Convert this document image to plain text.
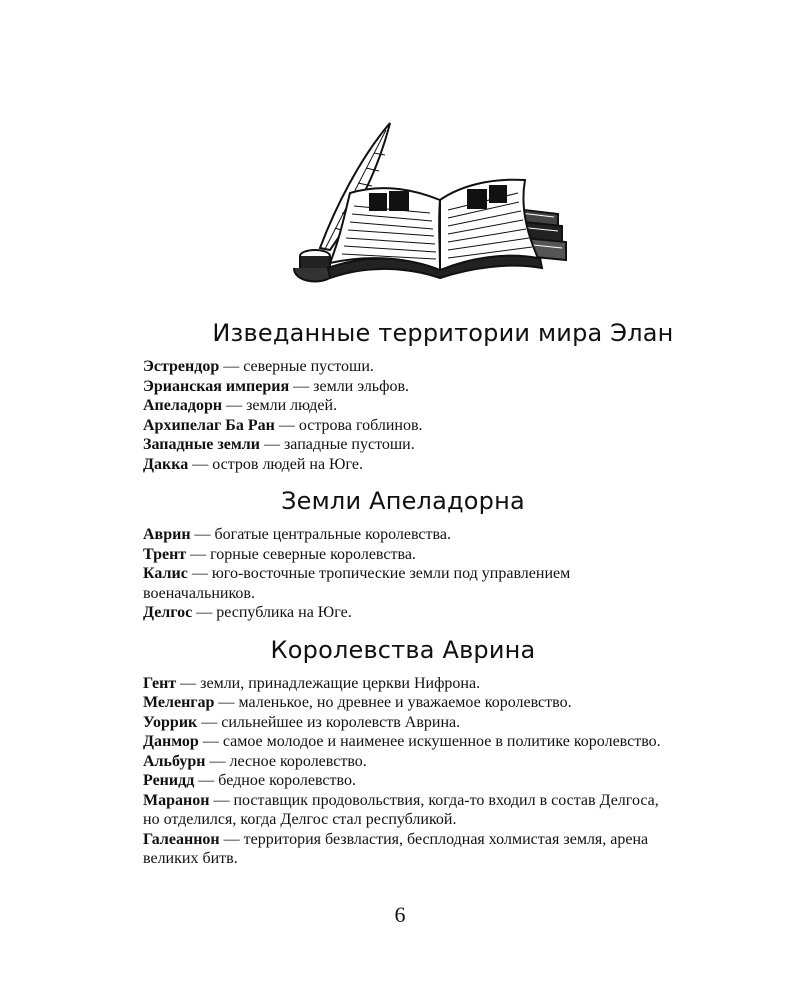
Изведанные территории мира Элан

Эстрендор — северные пустоши.

Эрианская империя — земли эльфов.

Апеладорн — земли людей.

Архипелаг Ба Ран — острова гоблинов.

Западные земли — западные пустоши.

Дакка — остров людей на Юге.

Земли Апеладорна

Аврин — богатые центральные королевства.

Трент — горные северные королевства.

Калис — юго-восточные тропические земли под управлением военачальников.

Делгос — республика на Юге.

Королевства Аврина

Гент — земли, принадлежащие церкви Нифрона.

Меленгар — маленькое, но древнее и уважаемое королевство.

Уоррик — сильнейшее из королевств Аврина.

Данмор — самое молодое и наименее искушенное в политике королевство.

Альбурн — лесное королевство.

Ренидд — бедное королевство.

Маранон — поставщик продовольствия, когда-то входил в состав Делгоса, но отделился, когда Делгос стал республикой.

Галеаннон — территория безвластия, бесплодная холмистая земля, арена великих битв.

6
